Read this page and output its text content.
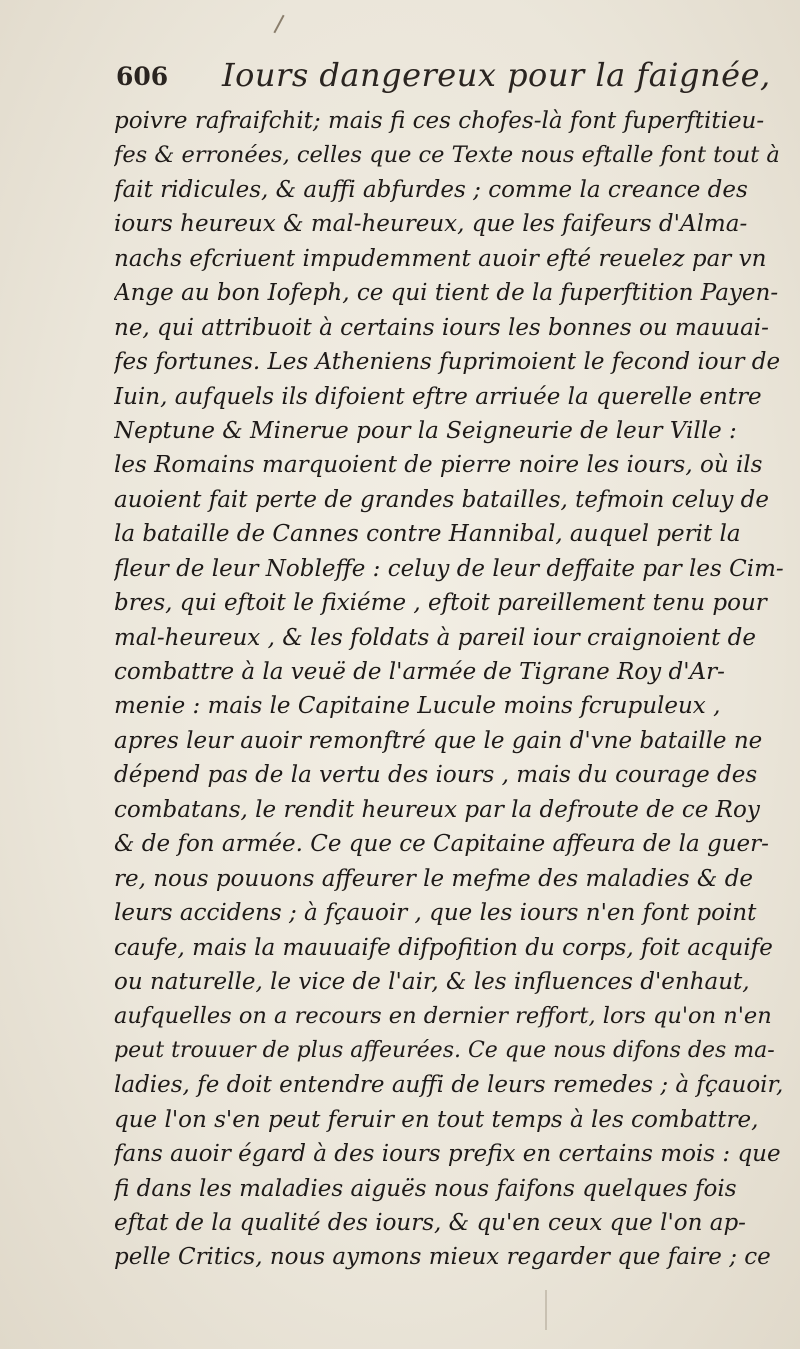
606 Iours dangereux pour la faignée,
poivre rafraifchit; mais fi ces chofes-là font fuperftitieu-
fes & erronées, celles que ce Texte nous eftalle font tout à
fait ridicules, & auffi abfurdes ; comme la creance des
iours heureux & mal-heureux, que les faifeurs d'Alma-
nachs efcriuent impudemment auoir efté reuelez par vn
Ange au bon Iofeph, ce qui tient de la fuperftition Payen-
ne, qui attribuoit à certains iours les bonnes ou mauuai-
fes fortunes. Les Atheniens fuprimoient le fecond iour de
Iuin, aufquels ils difoient eftre arriuée la querelle entre
Neptune & Minerue pour la Seigneurie de leur Ville :
les Romains marquoient de pierre noire les iours, où ils
auoient fait perte de grandes batailles, tefmoin celuy de
la bataille de Cannes contre Hannibal, auquel perit la
fleur de leur Nobleffe : celuy de leur deffaite par les Cim-
bres, qui eftoit le fixiéme , eftoit pareillement tenu pour
mal-heureux , & les foldats à pareil iour craignoient de
combattre à la veuë de l'armée de Tigrane Roy d'Ar-
menie : mais le Capitaine Lucule moins fcrupuleux ,
apres leur auoir remonftré que le gain d'vne bataille ne
dépend pas de la vertu des iours , mais du courage des
combatans, le rendit heureux par la defroute de ce Roy
& de fon armée. Ce que ce Capitaine affeura de la guer-
re, nous pouuons affeurer le mefme des maladies & de
leurs accidens ; à fçauoir , que les iours n'en font point
caufe, mais la mauuaife difpofition du corps, foit acquife
ou naturelle, le vice de l'air, & les influences d'enhaut,
aufquelles on a recours en dernier reffort, lors qu'on n'en
peut trouuer de plus affeurées. Ce que nous difons des ma-
ladies, fe doit entendre auffi de leurs remedes ; à fçauoir,
que l'on s'en peut feruir en tout temps à les combattre,
fans auoir égard à des iours prefix en certains mois : que
fi dans les maladies aiguës nous faifons quelques fois
eftat de la qualité des iours, & qu'en ceux que l'on ap-
pelle Critics, nous aymons mieux regarder que faire ; ce
